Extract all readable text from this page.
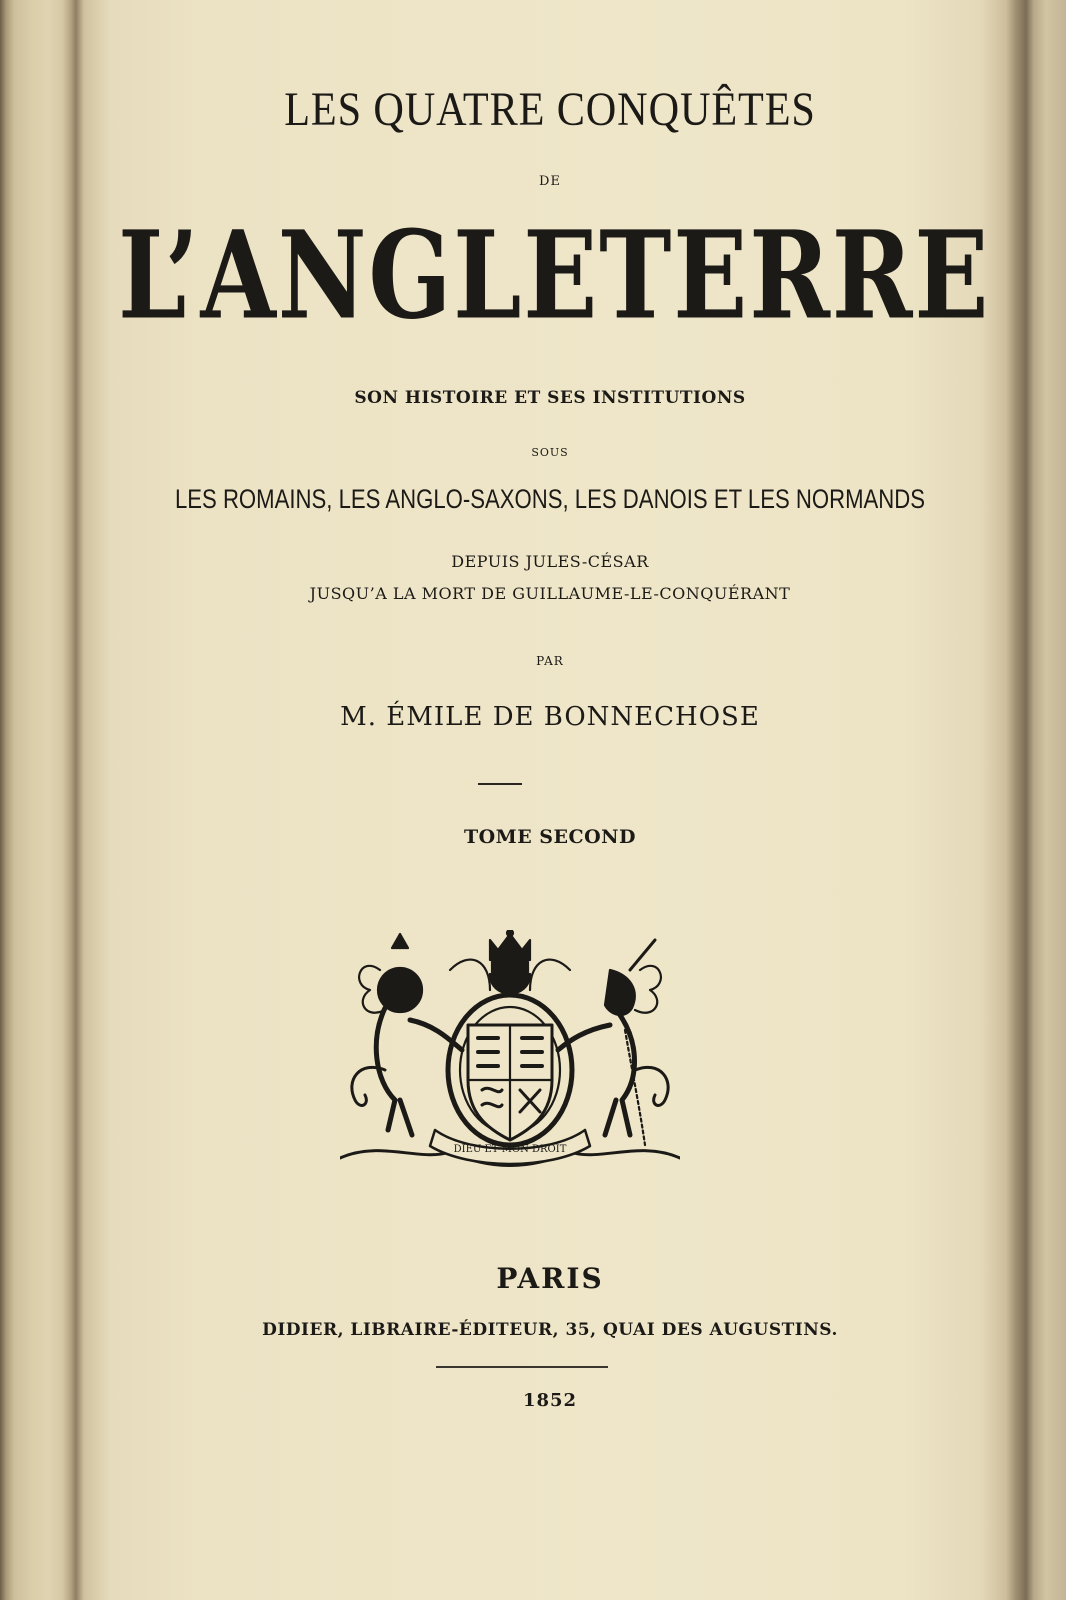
LES QUATRE CONQUÊTES

DE

L’ANGLETERRE

SON HISTOIRE ET SES INSTITUTIONS

SOUS

LES ROMAINS, LES ANGLO-SAXONS, LES DANOIS ET LES NORMANDS

DEPUIS JULES-CÉSAR

JUSQU’A LA MORT DE GUILLAUME-LE-CONQUÉRANT

PAR

M. ÉMILE DE BONNECHOSE

TOME SECOND

DIEU ET MON DROIT

PARIS

DIDIER, LIBRAIRE-ÉDITEUR, 35, QUAI DES AUGUSTINS.

1852
